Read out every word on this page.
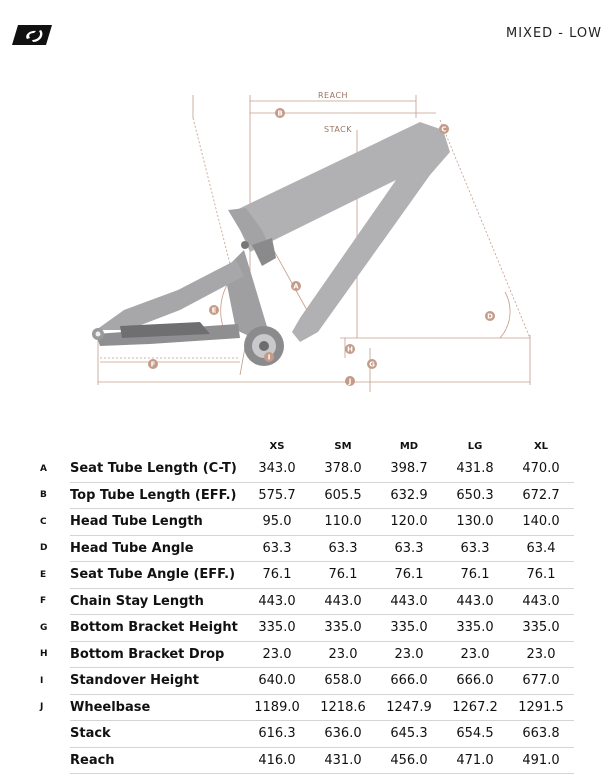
MIXED - LOW
REACH
STACK
B
C
A
E
D
H
G
F
I
J
		XS	SM	MD	LG	XL
A	Seat Tube Length (C-T)	343.0	378.0	398.7	431.8	470.0
B	Top Tube Length (EFF.)	575.7	605.5	632.9	650.3	672.7
C	Head Tube Length	95.0	110.0	120.0	130.0	140.0
D	Head Tube Angle	63.3	63.3	63.3	63.3	63.4
E	Seat Tube Angle (EFF.)	76.1	76.1	76.1	76.1	76.1
F	Chain Stay Length	443.0	443.0	443.0	443.0	443.0
G	Bottom Bracket Height	335.0	335.0	335.0	335.0	335.0
H	Bottom Bracket Drop	23.0	23.0	23.0	23.0	23.0
I	Standover Height	640.0	658.0	666.0	666.0	677.0
J	Wheelbase	1189.0	1218.6	1247.9	1267.2	1291.5
	Stack	616.3	636.0	645.3	654.5	663.8
	Reach	416.0	431.0	456.0	471.0	491.0
